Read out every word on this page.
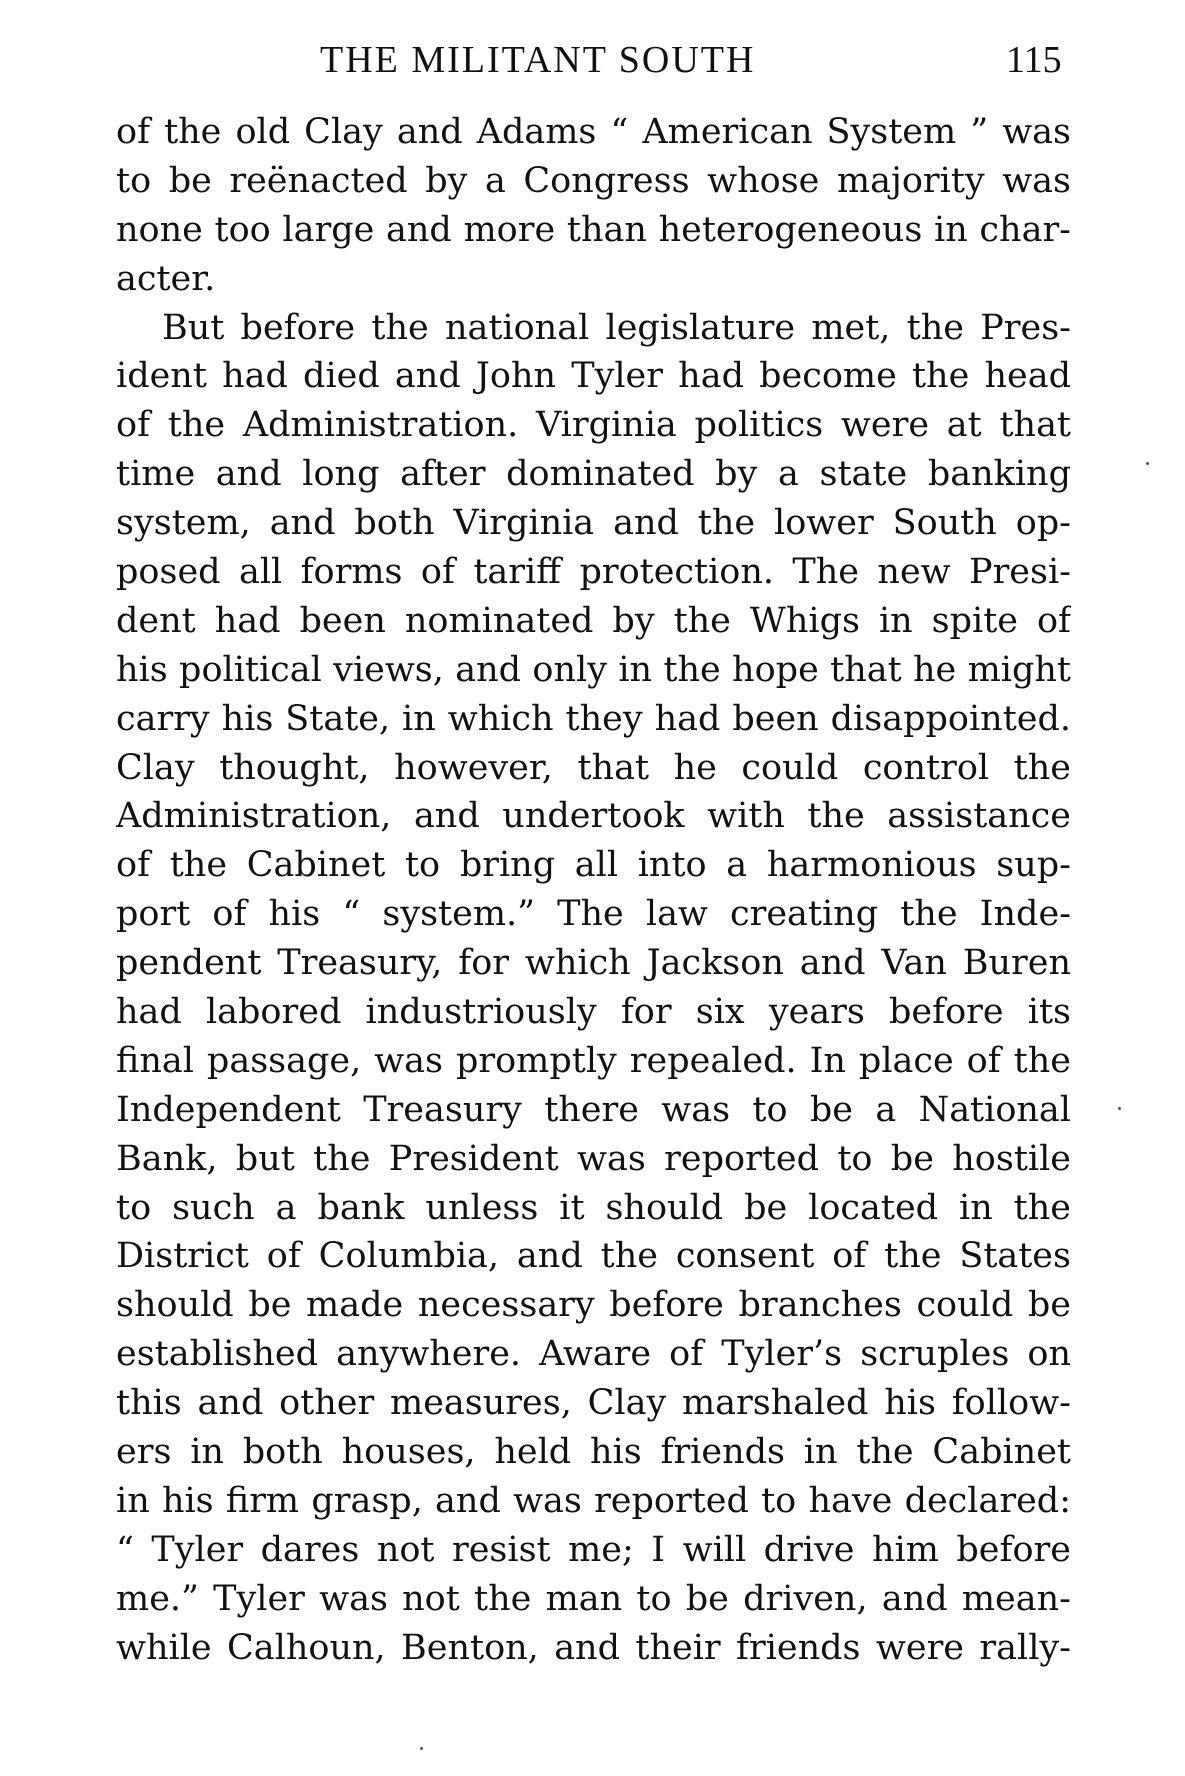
THE MILITANT SOUTH	115
of the old Clay and Adams “ American System ” was
to be reënacted by a Congress whose majority was
none too large and more than heterogeneous in char-
acter.
But before the national legislature met, the Pres-
ident had died and John Tyler had become the head
of the Administration. Virginia politics were at that
time and long after dominated by a state banking
system, and both Virginia and the lower South op-
posed all forms of tariff protection. The new Presi-
dent had been nominated by the Whigs in spite of
his political views, and only in the hope that he might
carry his State, in which they had been disappointed.
Clay thought, however, that he could control the
Administration, and undertook with the assistance
of the Cabinet to bring all into a harmonious sup-
port of his “ system.” The law creating the Inde-
pendent Treasury, for which Jackson and Van Buren
had labored industriously for six years before its
final passage, was promptly repealed. In place of the
Independent Treasury there was to be a National
Bank, but the President was reported to be hostile
to such a bank unless it should be located in the
District of Columbia, and the consent of the States
should be made necessary before branches could be
established anywhere. Aware of Tyler’s scruples on
this and other measures, Clay marshaled his follow-
ers in both houses, held his friends in the Cabinet
in his firm grasp, and was reported to have declared:
“ Tyler dares not resist me; I will drive him before
me.” Tyler was not the man to be driven, and mean-
while Calhoun, Benton, and their friends were rally-
